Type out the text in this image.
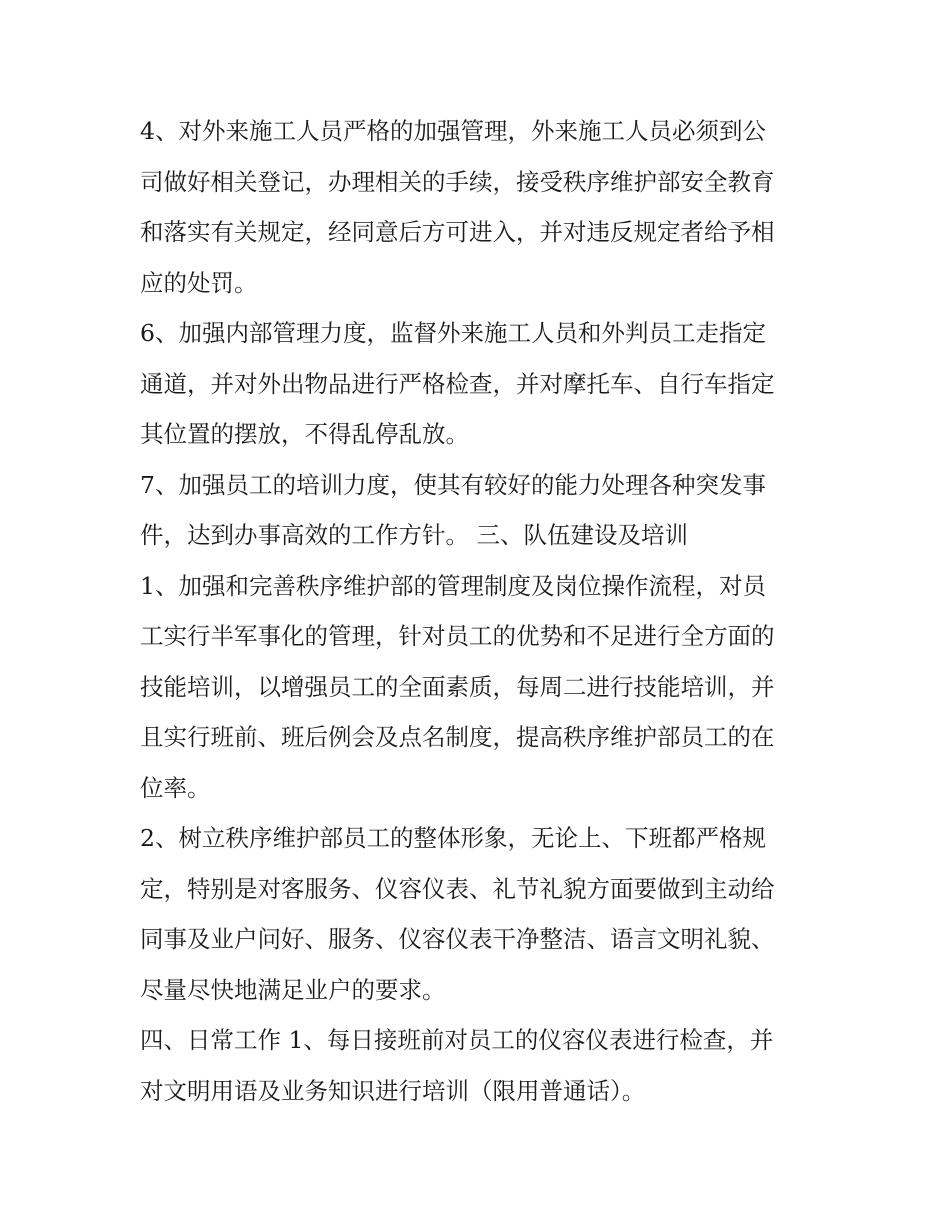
4、对外来施工人员严格的加强管理，外来施工人员必须到公
司做好相关登记，办理相关的手续，接受秩序维护部安全教育
和落实有关规定，经同意后方可进入，并对违反规定者给予相
应的处罚。
6、加强内部管理力度，监督外来施工人员和外判员工走指定
通道，并对外出物品进行严格检查，并对摩托车、自行车指定
其位置的摆放，不得乱停乱放。
7、加强员工的培训力度，使其有较好的能力处理各种突发事
件，达到办事高效的工作方针。 三、队伍建设及培训
1、加强和完善秩序维护部的管理制度及岗位操作流程，对员
工实行半军事化的管理，针对员工的优势和不足进行全方面的
技能培训，以增强员工的全面素质，每周二进行技能培训，并
且实行班前、班后例会及点名制度，提高秩序维护部员工的在
位率。
2、树立秩序维护部员工的整体形象，无论上、下班都严格规
定，特别是对客服务、仪容仪表、礼节礼貌方面要做到主动给
同事及业户问好、服务、仪容仪表干净整洁、语言文明礼貌、
尽量尽快地满足业户的要求。
四、日常工作 1、每日接班前对员工的仪容仪表进行检查，并
对文明用语及业务知识进行培训（限用普通话）。
